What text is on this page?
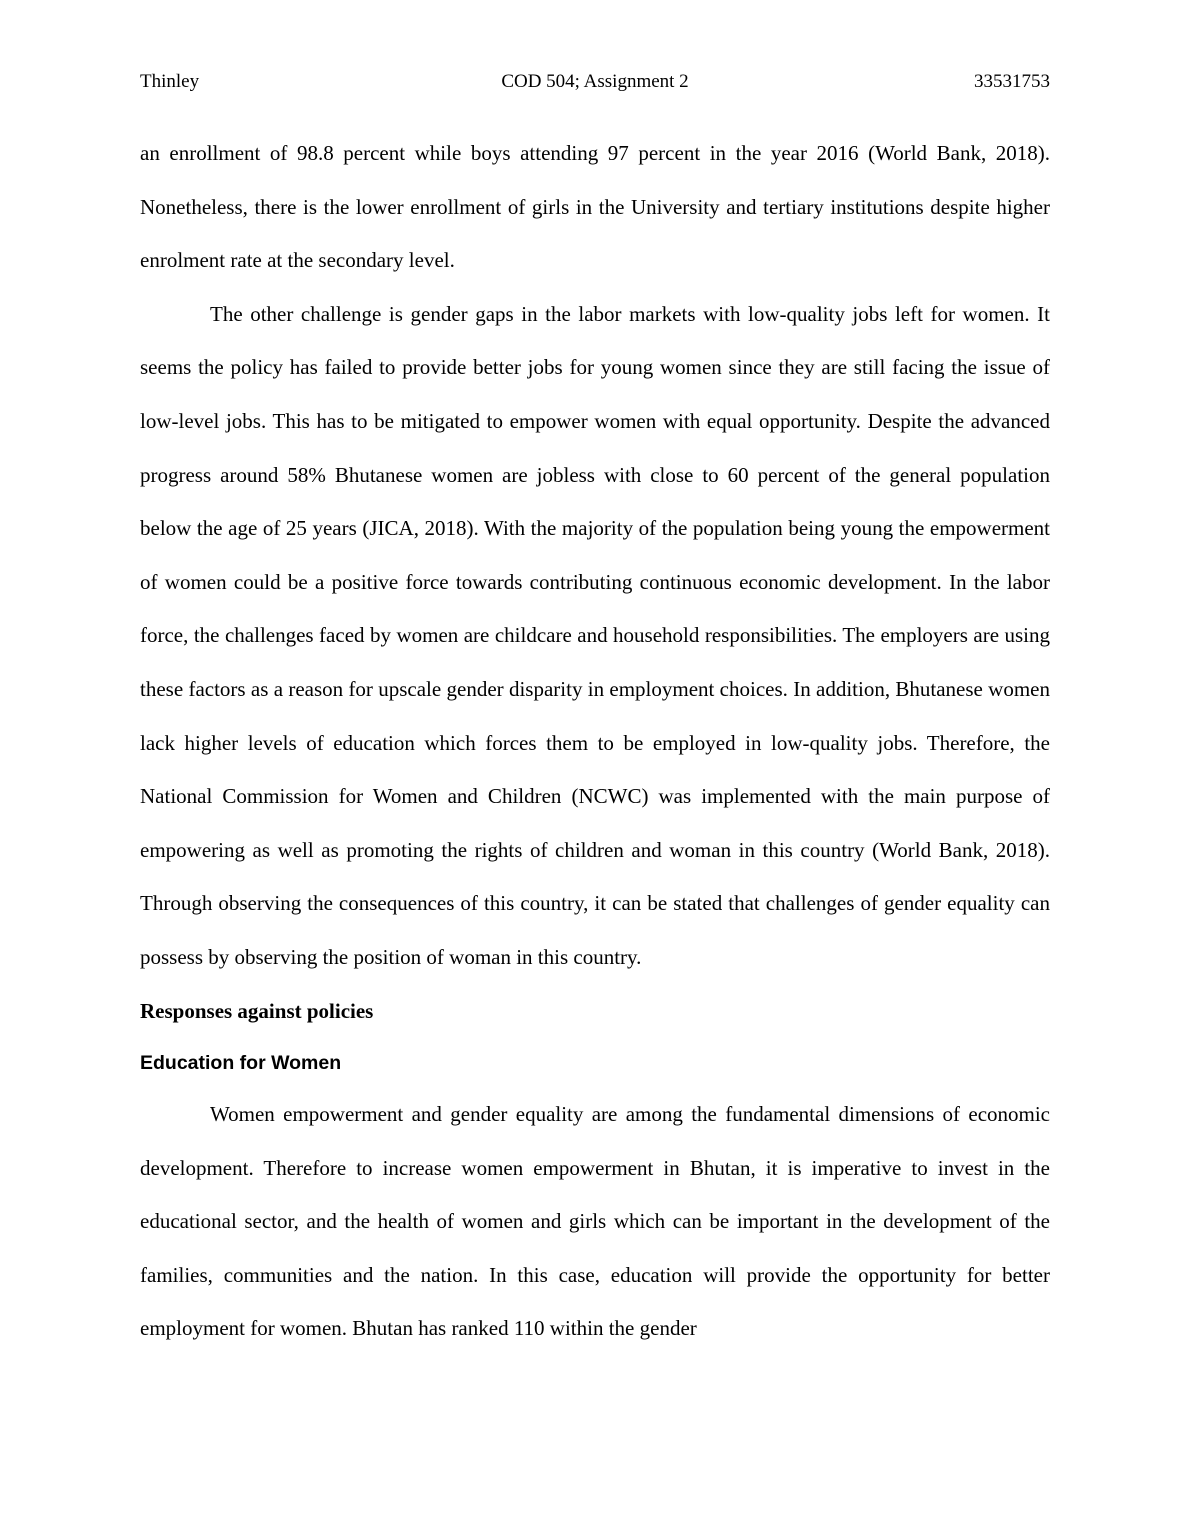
Thinley	COD 504; Assignment 2	33531753

an enrollment of 98.8 percent while boys attending 97 percent in the year 2016 (World Bank, 2018). Nonetheless, there is the lower enrollment of girls in the University and tertiary institutions despite higher enrolment rate at the secondary level.

The other challenge is gender gaps in the labor markets with low-quality jobs left for women. It seems the policy has failed to provide better jobs for young women since they are still facing the issue of low-level jobs. This has to be mitigated to empower women with equal opportunity. Despite the advanced progress around 58% Bhutanese women are jobless with close to 60 percent of the general population below the age of 25 years (JICA, 2018). With the majority of the population being young the empowerment of women could be a positive force towards contributing continuous economic development. In the labor force, the challenges faced by women are childcare and household responsibilities. The employers are using these factors as a reason for upscale gender disparity in employment choices. In addition, Bhutanese women lack higher levels of education which forces them to be employed in low-quality jobs. Therefore, the National Commission for Women and Children (NCWC) was implemented with the main purpose of empowering as well as promoting the rights of children and woman in this country (World Bank, 2018). Through observing the consequences of this country, it can be stated that challenges of gender equality can possess by observing the position of woman in this country.

Responses against policies

Education for Women

Women empowerment and gender equality are among the fundamental dimensions of economic development. Therefore to increase women empowerment in Bhutan, it is imperative to invest in the educational sector, and the health of women and girls which can be important in the development of the families, communities and the nation. In this case, education will provide the opportunity for better employment for women. Bhutan has ranked 110 within the gender
